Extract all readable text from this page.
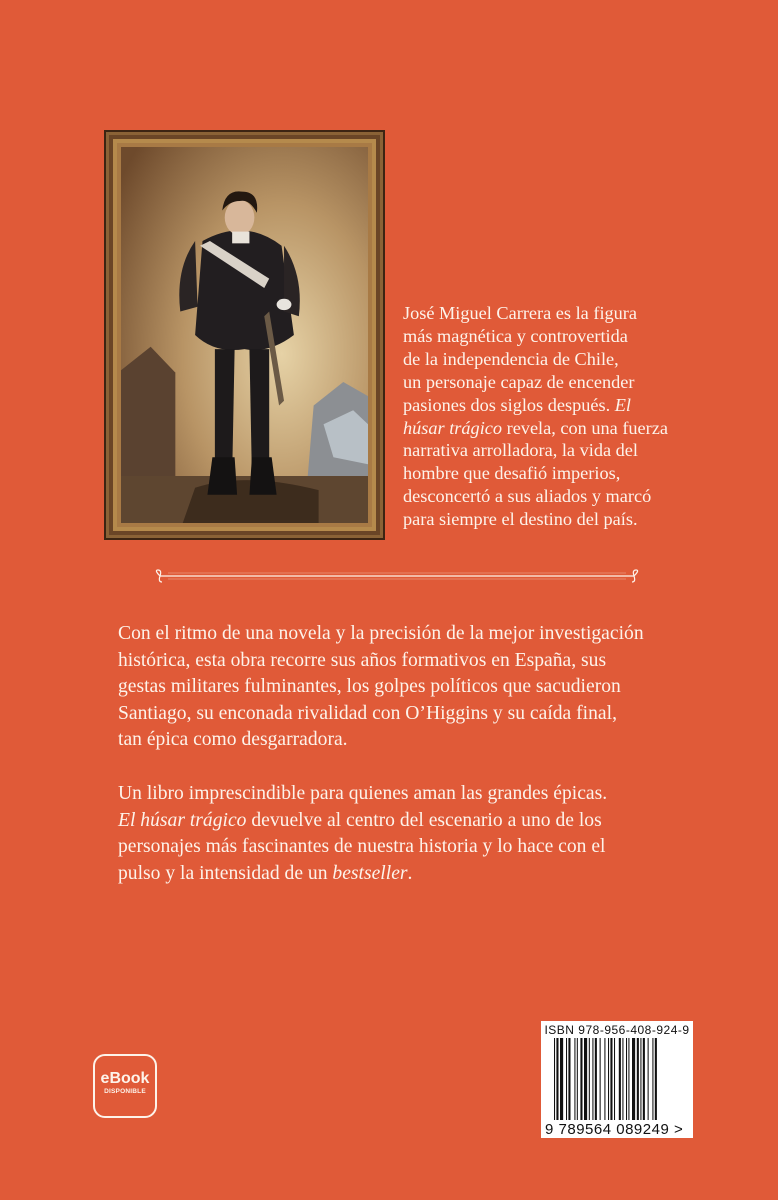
José Miguel Carrera es la figura

más magnética y controvertida

de la independencia de Chile,

un personaje capaz de encender

pasiones dos siglos después. El

húsar trágico revela, con una fuerza

narrativa arrolladora, la vida del

hombre que desafió imperios,

desconcertó a sus aliados y marcó

para siempre el destino del país.

Con el ritmo de una novela y la precisión de la mejor investigación

histórica, esta obra recorre sus años formativos en España, sus

gestas militares fulminantes, los golpes políticos que sacudieron

Santiago, su enconada rivalidad con O’Higgins y su caída final,

tan épica como desgarradora.

Un libro imprescindible para quienes aman las grandes épicas.

El húsar trágico devuelve al centro del escenario a uno de los

personajes más fascinantes de nuestra historia y lo hace con el

pulso y la intensidad de un bestseller.

eBook
DISPONIBLE
ISBN 978-956-408-924-9
9 789564 089249 >
